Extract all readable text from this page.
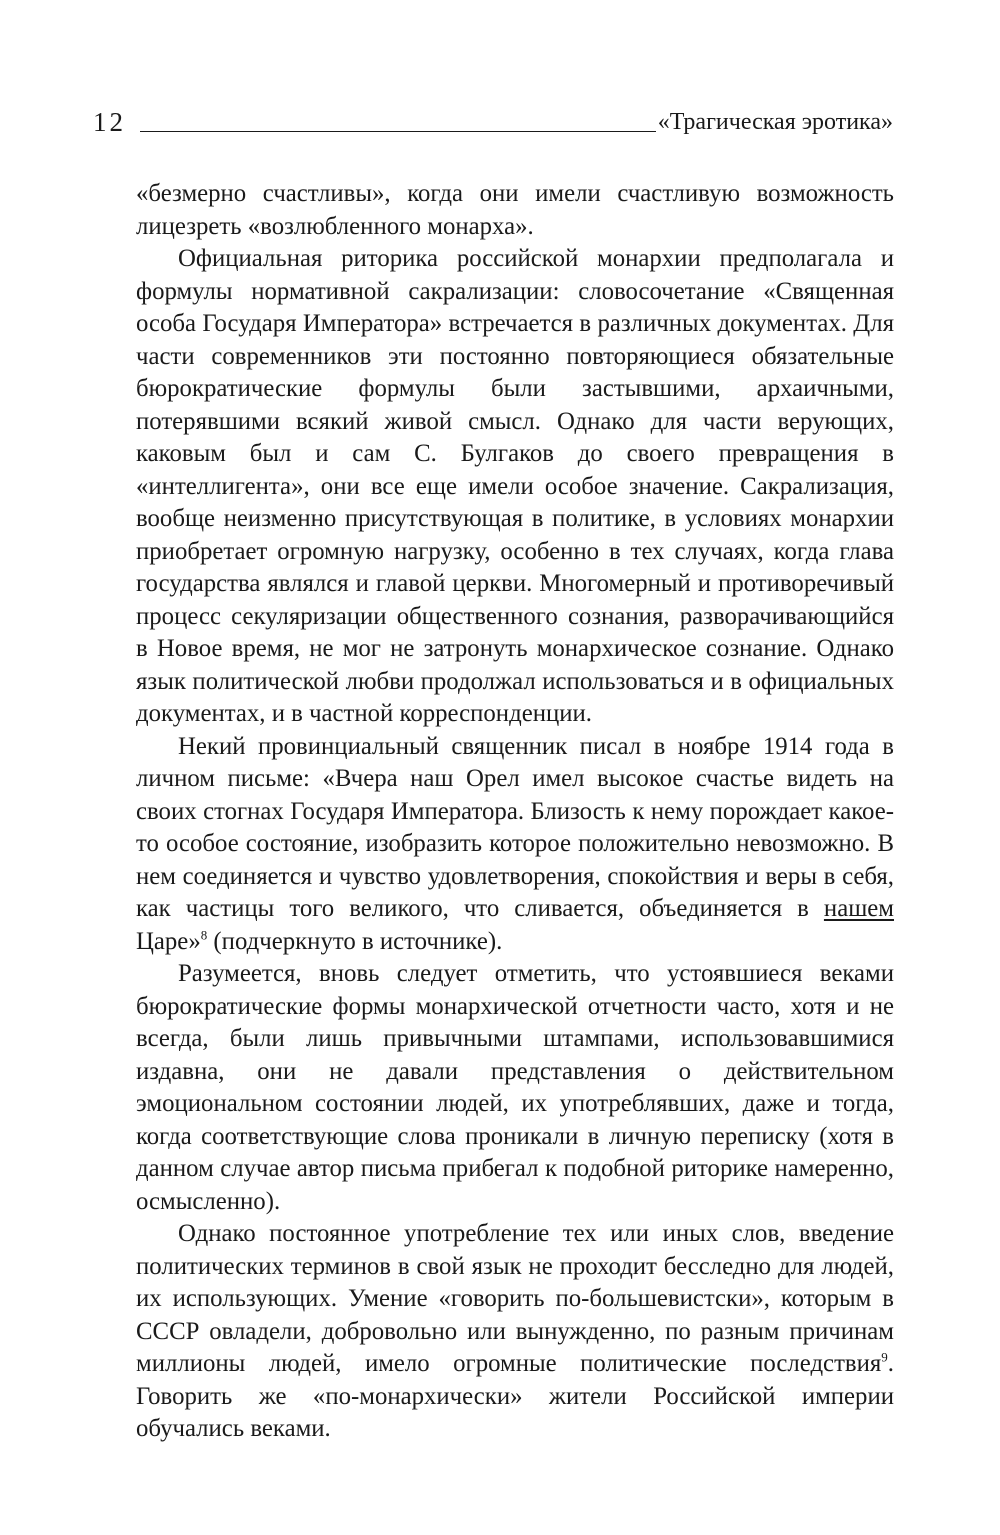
12	«Трагическая эротика»

«безмерно счастливы», когда они имели счастливую возможность лицезреть «возлюбленного монарха».

Официальная риторика российской монархии предполагала и формулы нормативной сакрализации: словосочетание «Священная особа Государя Императора» встречается в различных документах. Для части современников эти постоянно повторяющиеся обязательные бюрократические формулы были застывшими, архаичными, потерявшими всякий живой смысл. Однако для части верующих, каковым был и сам С. Булгаков до своего превращения в «интеллигента», они все еще имели особое значение. Сакрализация, вообще неизменно присутствующая в политике, в условиях монархии приобретает огромную нагрузку, особенно в тех случаях, когда глава государства являлся и главой церкви. Многомерный и противоречивый процесс секуляризации общественного сознания, разворачивающийся в Новое время, не мог не затронуть монархическое сознание. Однако язык политической любви продолжал использоваться и в официальных документах, и в частной корреспонденции.

Некий провинциальный священник писал в ноябре 1914 года в личном письме: «Вчера наш Орел имел высокое счастье видеть на своих стогнах Государя Императора. Близость к нему порождает какое-то особое состояние, изобразить которое положительно невозможно. В нем соединяется и чувство удовлетворения, спокойствия и веры в себя, как частицы того великого, что сливается, объединяется в нашем Царе»$^8$ (подчеркнуто в источнике).

Разумеется, вновь следует отметить, что устоявшиеся веками бюрократические формы монархической отчетности часто, хотя и не всегда, были лишь привычными штампами, использовавшимися издавна, они не давали представления о действительном эмоциональном состоянии людей, их употреблявших, даже и тогда, когда соответствующие слова проникали в личную переписку (хотя в данном случае автор письма прибегал к подобной риторике намеренно, осмысленно).

Однако постоянное употребление тех или иных слов, введение политических терминов в свой язык не проходит бесследно для людей, их использующих. Умение «говорить по-большевистски», которым в СССР овладели, добровольно или вынужденно, по разным причинам миллионы людей, имело огромные политические последствия$^9$. Говорить же «по-монархически» жители Российской империи обучались веками.
